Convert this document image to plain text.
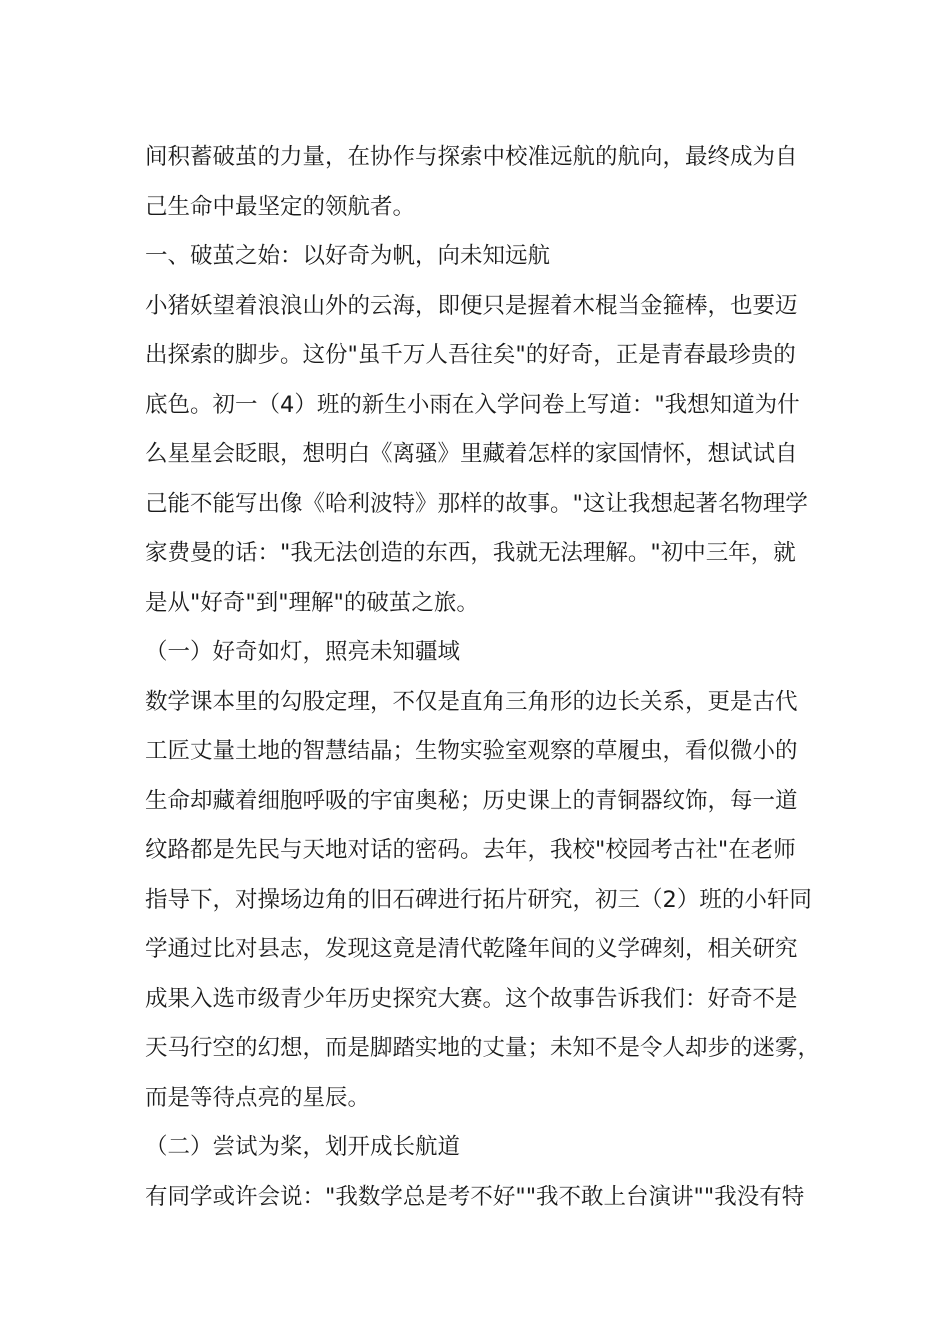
间积蓄破茧的力量，在协作与探索中校准远航的航向，最终成为自
己生命中最坚定的领航者。
一、破茧之始：以好奇为帆，向未知远航
小猪妖望着浪浪山外的云海，即便只是握着木棍当金箍棒，也要迈
出探索的脚步。这份"虽千万人吾往矣"的好奇，正是青春最珍贵的
底色。初一（4）班的新生小雨在入学问卷上写道："我想知道为什
么星星会眨眼，想明白《离骚》里藏着怎样的家国情怀，想试试自
己能不能写出像《哈利波特》那样的故事。"这让我想起著名物理学
家费曼的话："我无法创造的东西，我就无法理解。"初中三年，就
是从"好奇"到"理解"的破茧之旅。
（一）好奇如灯，照亮未知疆域
数学课本里的勾股定理，不仅是直角三角形的边长关系，更是古代
工匠丈量土地的智慧结晶；生物实验室观察的草履虫，看似微小的
生命却藏着细胞呼吸的宇宙奥秘；历史课上的青铜器纹饰，每一道
纹路都是先民与天地对话的密码。去年，我校"校园考古社"在老师
指导下，对操场边角的旧石碑进行拓片研究，初三（2）班的小轩同
学通过比对县志，发现这竟是清代乾隆年间的义学碑刻，相关研究
成果入选市级青少年历史探究大赛。这个故事告诉我们：好奇不是
天马行空的幻想，而是脚踏实地的丈量；未知不是令人却步的迷雾，
而是等待点亮的星辰。
（二）尝试为桨，划开成长航道
有同学或许会说："我数学总是考不好""我不敢上台演讲""我没有特
